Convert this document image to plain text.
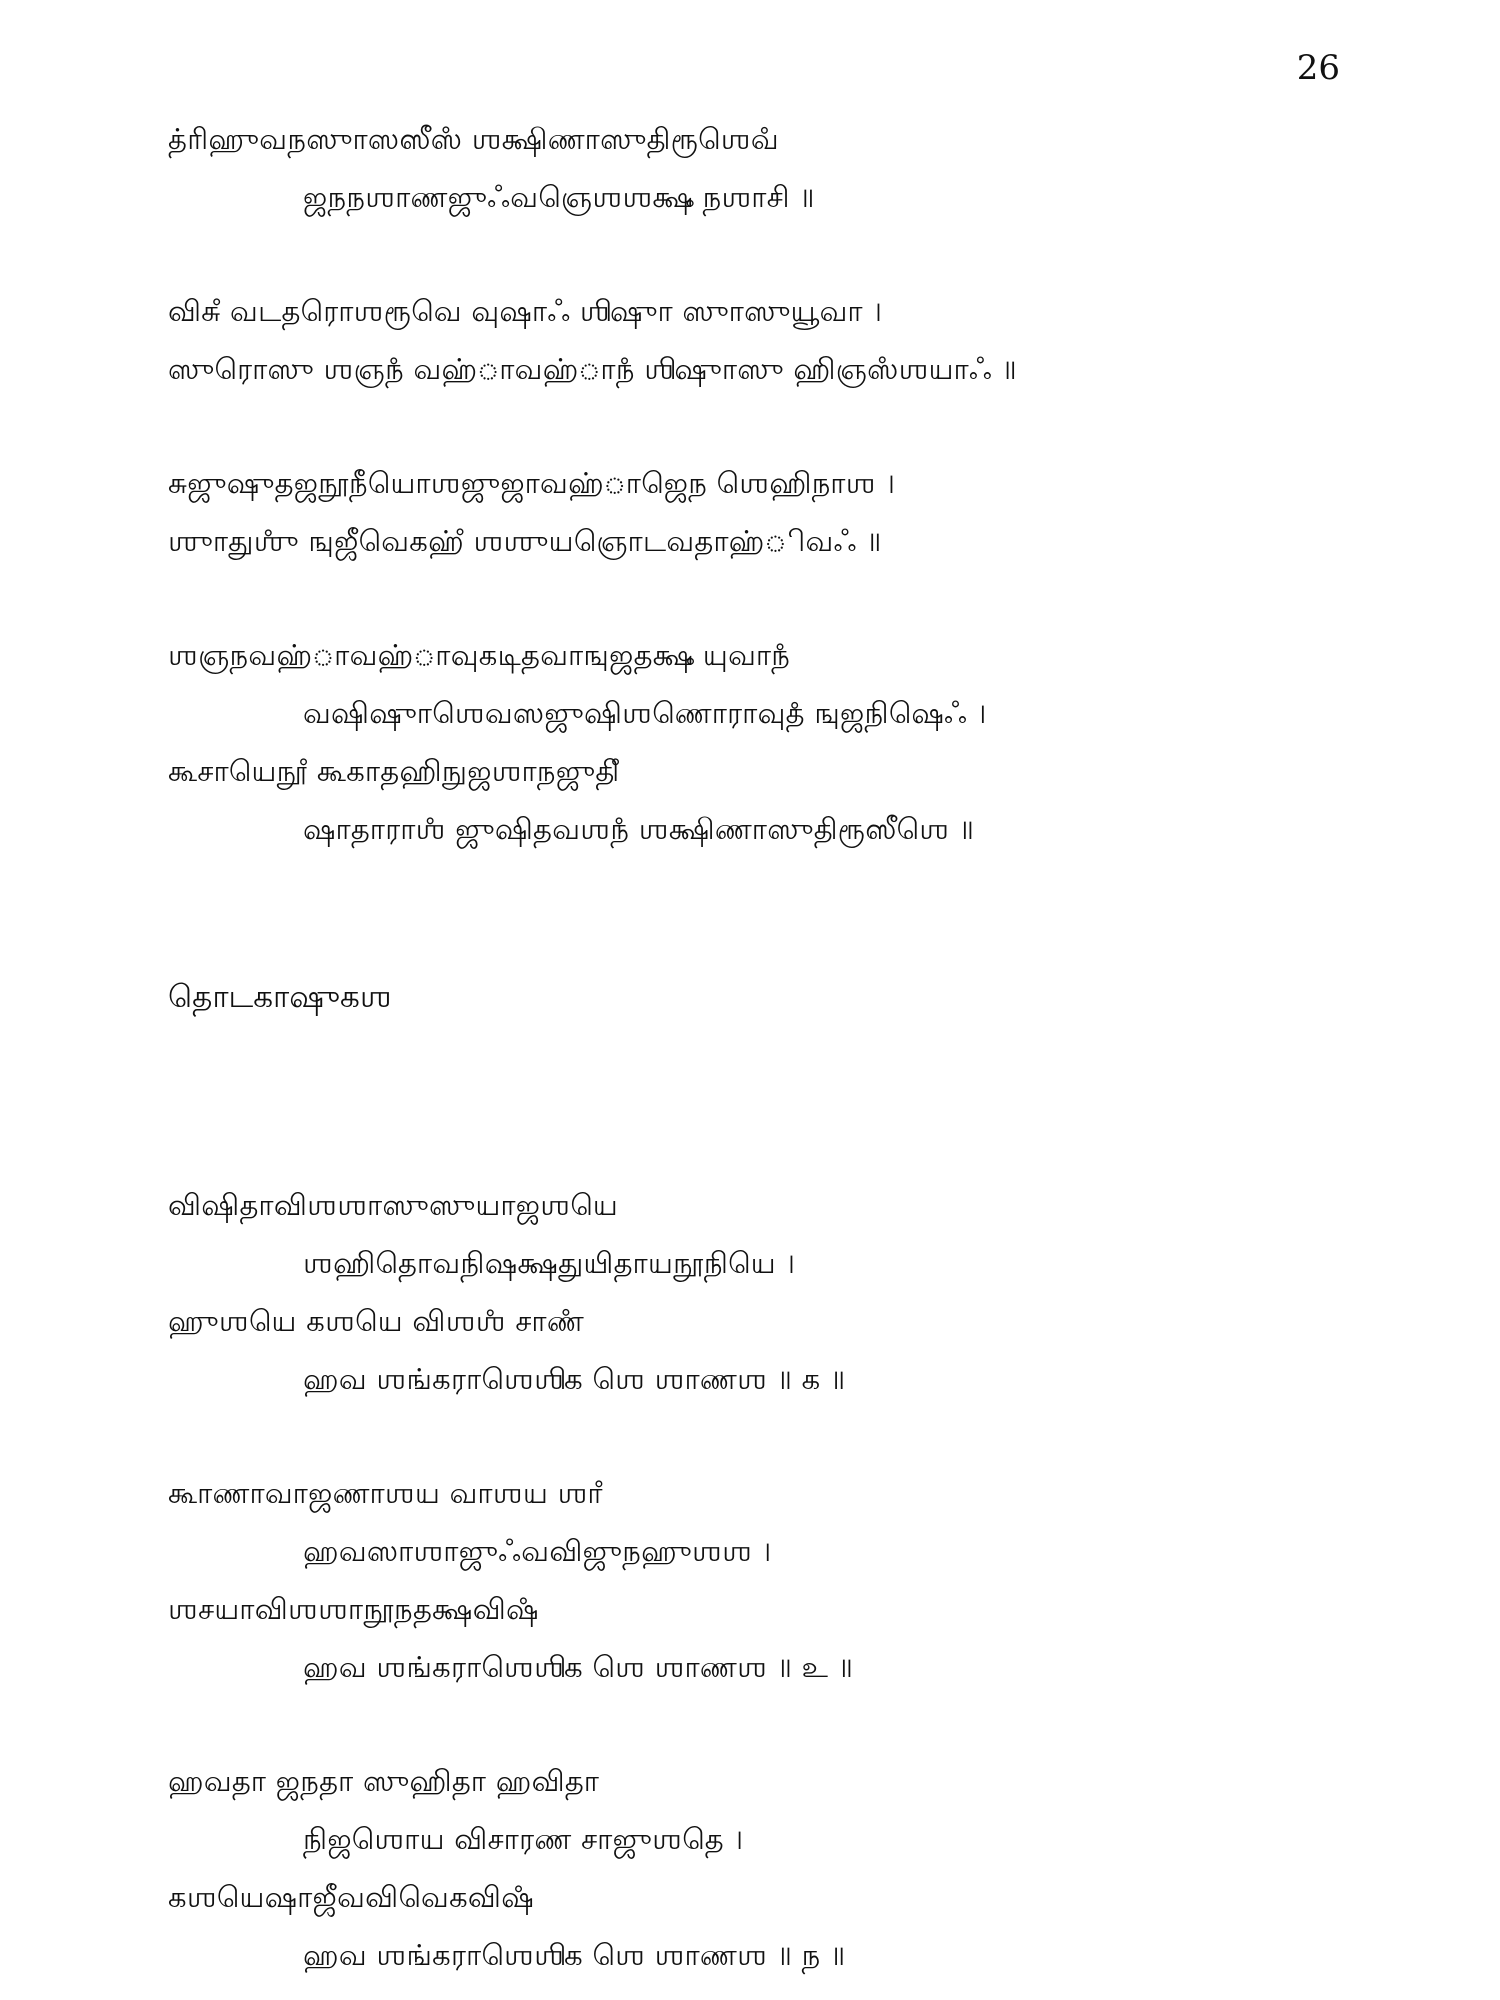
26
த்ரிஹுவநஸுாஸஸீஸஂ ஶக்ஷிணாஸுதிரூஶெவஂ
ஜநநஶாணஜுஃவஞெஶஶக்ஷஂ நஶாசி ॥
விசுஂ வடதரொஶரூவெ வுஷாஃ ஶிஷுா ஸுாஸுயூவா ।
ஸுரொஸு ஶஞநஂ வஹ்ாவஹ்ாநஂ ஶிஷுாஸு ஹிஞஸஂஶயாஃ ॥
சுஜுஷுதஜநூநீயொஶஜுஜாவஹ்ாஜெந ஶெஹிநாஶ ।
ஶுாதுஶுஂ ஙுஜீவெகஹ்ஂ ஶஶுயஞொடவதாஹ்ிவஃ ॥
ஶஞநவஹ்ாவஹ்ாவுகடிதவாஙுஜதக்ஷஂ யுவாநஂ
வஷிஷுாஶெவஸஜுஷிஶணொராவுதஂ ஙுஜநிஷெஃ ।
கூசாயெநூஂ கூகாதஹிநுஜஶாநஜுதிஂ
ஷாதாராஶஂ ஜுஷிதவஶநஂ ஶக்ஷிணாஸுதிரூஸீஶெ ॥
தொடகாஷுகஶ
விஷிதாவிஶஶாஸுஸுயாஜஶயெ
ஶஹிதொவநிஷக்ஷதுயிதாயநூநியெ ।
ஹுஶயெ கஶயெ விஶஶஂ சாணஂ
ஹவ ஶங்கராஶெஶிக ஶெ ஶாணஶ ॥ க ॥
கூாணாவாஜணாஶய வாஶய ஶாஂ
ஹவஸாஶாஜுஃவவிஜுநஹுஶஶ ।
ஶசயாவிஶஶாநூநதக்ஷவிஷஂ
ஹவ ஶங்கராஶெஶிக ஶெ ஶாணஶ ॥ உ ॥
ஹவதா ஜநதா ஸுஹிதா ஹவிதா
நிஜஶொய விசாரண சாஜுஶதெ ।
கஶயெஷாஜீவவிவெகவிஷஂ
ஹவ ஶங்கராஶெஶிக ஶெ ஶாணஶ ॥ ந ॥
